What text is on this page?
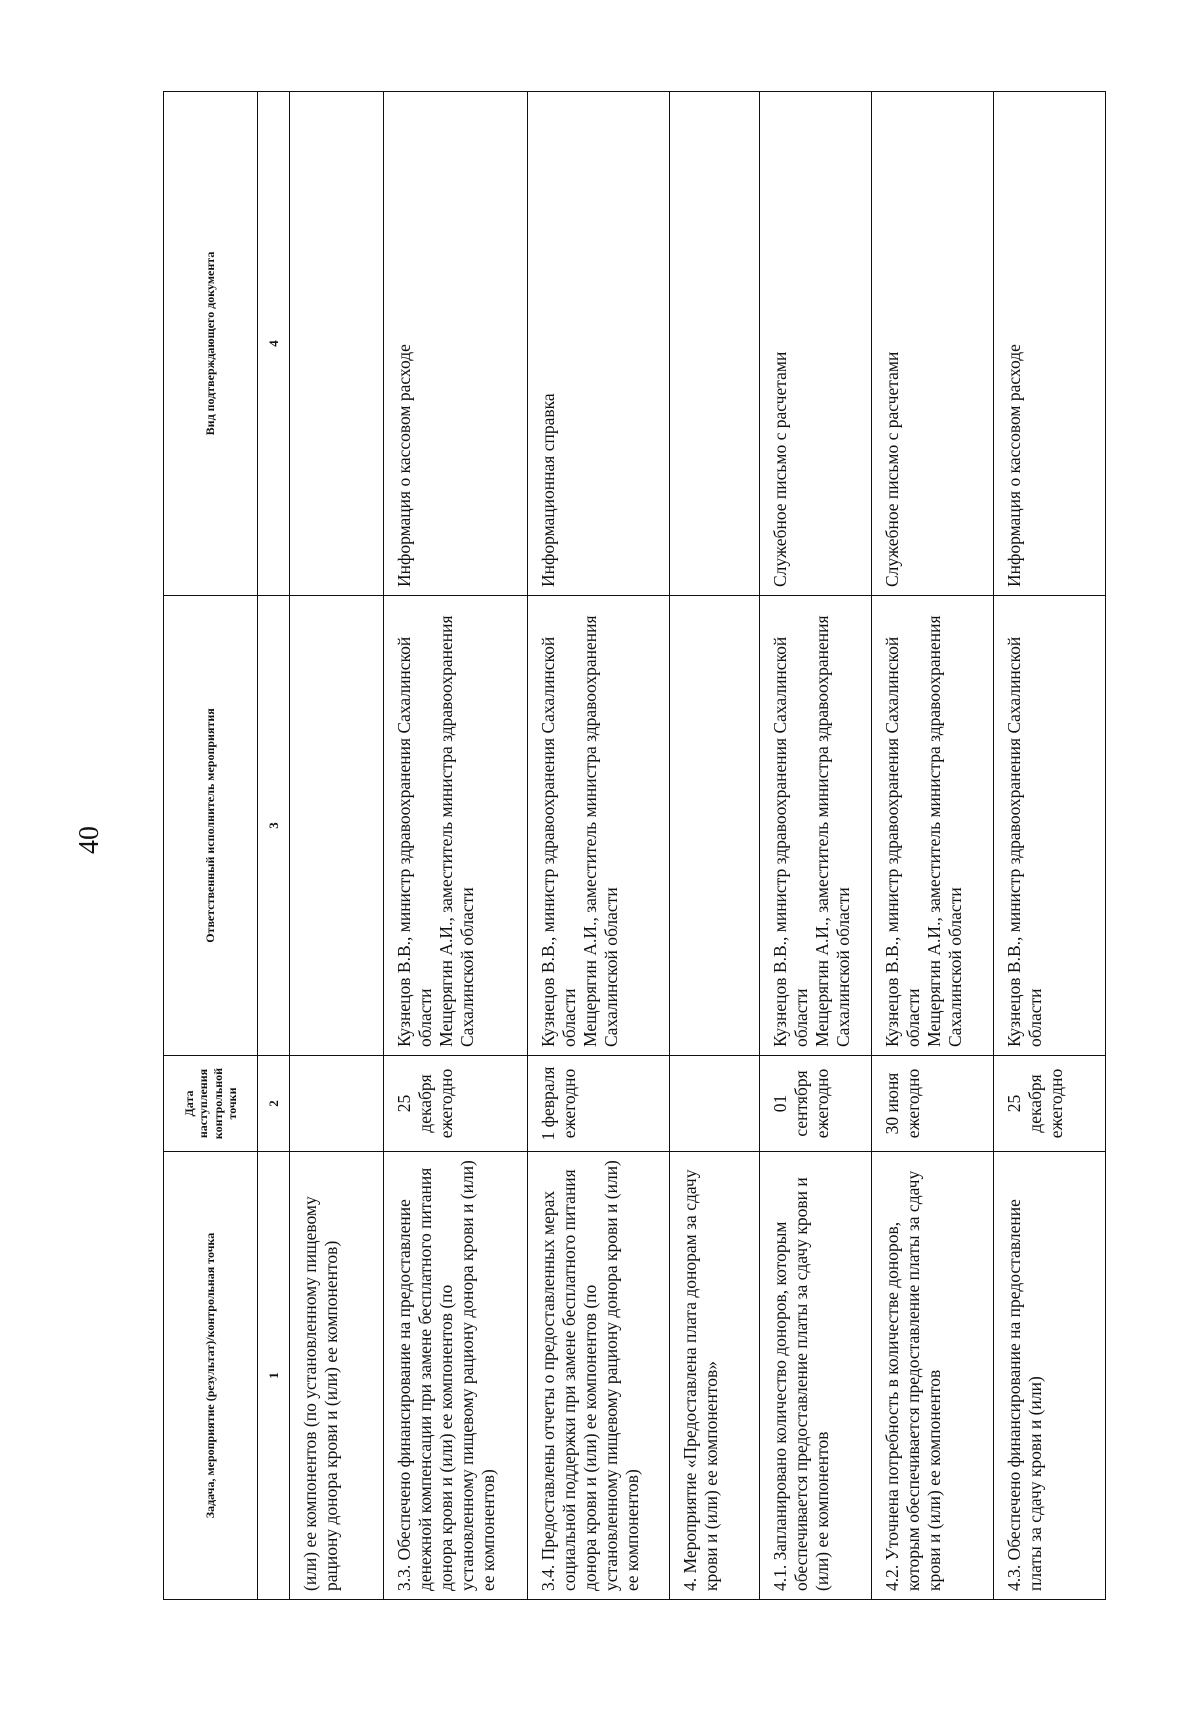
40
Задача, мероприятие (результат)/контрольная точка	Дата наступления контрольной точки	Ответственный исполнитель мероприятия	Вид подтверждающего документа
1	2	3	4

(или) ее компонентов (по установленному пищевому рациону донора крови и (или) ее компонентов)			

3.3. Обеспечено финансирование на предоставление денежной компенсации при замене бесплатного питания донора крови и (или) ее компонентов (по установленному пищевому рациону донора крови и (или) ее компонентов)	25 декабря ежегодно	Кузнецов В.В., министр здравоохранения Сахалинской области Мещерягин А.И., заместитель министра здравоохранения Сахалинской области	Информация о кассовом расходе

3.4. Предоставлены отчеты о предоставленных мерах социальной поддержки при замене бесплатного питания донора крови и (или) ее компонентов (по установленному пищевому рациону донора крови и (или) ее компонентов)	1 февраля ежегодно	Кузнецов В.В., министр здравоохранения Сахалинской области Мещерягин А.И., заместитель министра здравоохранения Сахалинской области	Информационная справка

4. Мероприятие «Предоставлена плата донорам за сдачу крови и (или) ее компонентов»			

4.1. Запланировано количество доноров, которым обеспечивается предоставление платы за сдачу крови и (или) ее компонентов	01 сентября ежегодно	Кузнецов В.В., министр здравоохранения Сахалинской области Мещерягин А.И., заместитель министра здравоохранения Сахалинской области	Служебное письмо с расчетами

4.2. Уточнена потребность в количестве доноров, которым обеспечивается предоставление платы за сдачу крови и (или) ее компонентов	30 июня ежегодно	Кузнецов В.В., министр здравоохранения Сахалинской области Мещерягин А.И., заместитель министра здравоохранения Сахалинской области	Служебное письмо с расчетами

4.3. Обеспечено финансирование на предоставление платы за сдачу крови и (или)	25 декабря ежегодно	Кузнецов В.В., министр здравоохранения Сахалинской области	Информация о кассовом расходе
